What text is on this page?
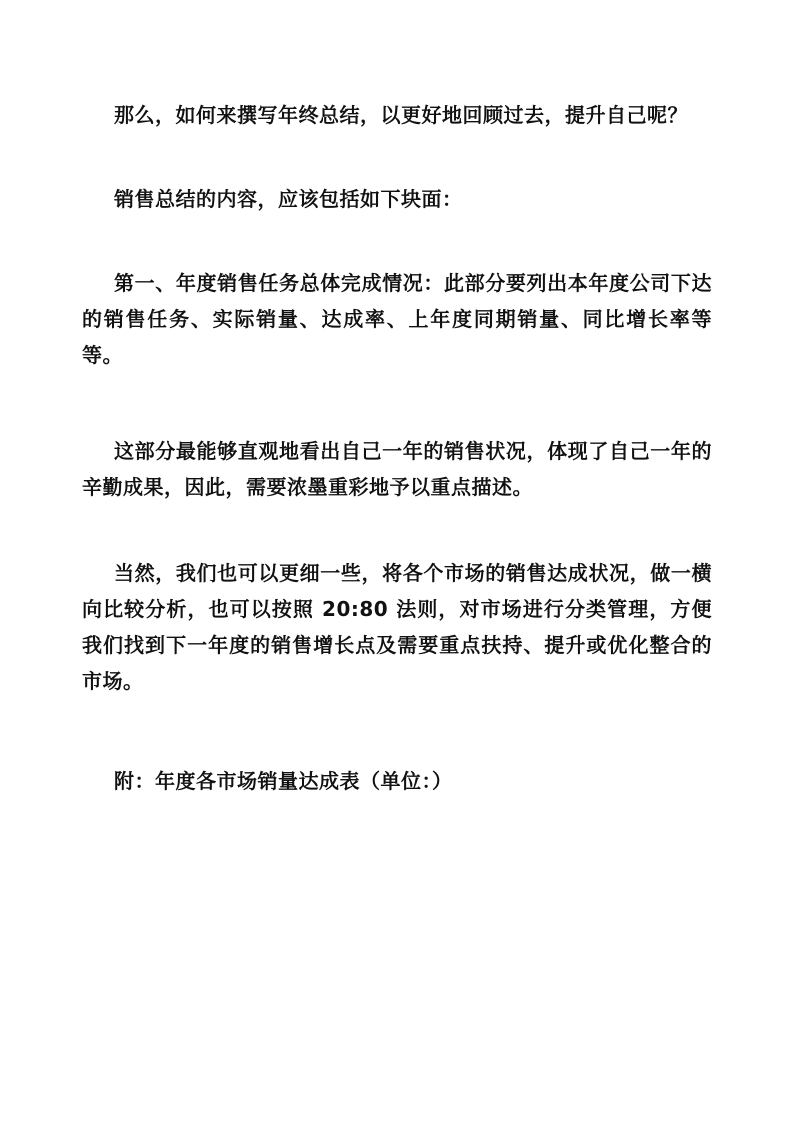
那么，如何来撰写年终总结，以更好地回顾过去，提升自己呢？

销售总结的内容，应该包括如下块面：

第一、年度销售任务总体完成情况：此部分要列出本年度公司下达的销售任务、实际销量、达成率、上年度同期销量、同比增长率等等。

这部分最能够直观地看出自己一年的销售状况，体现了自己一年的辛勤成果，因此，需要浓墨重彩地予以重点描述。

当然，我们也可以更细一些，将各个市场的销售达成状况，做一横向比较分析，也可以按照 20:80 法则，对市场进行分类管理，方便我们找到下一年度的销售增长点及需要重点扶持、提升或优化整合的市场。

附：年度各市场销量达成表（单位：）
